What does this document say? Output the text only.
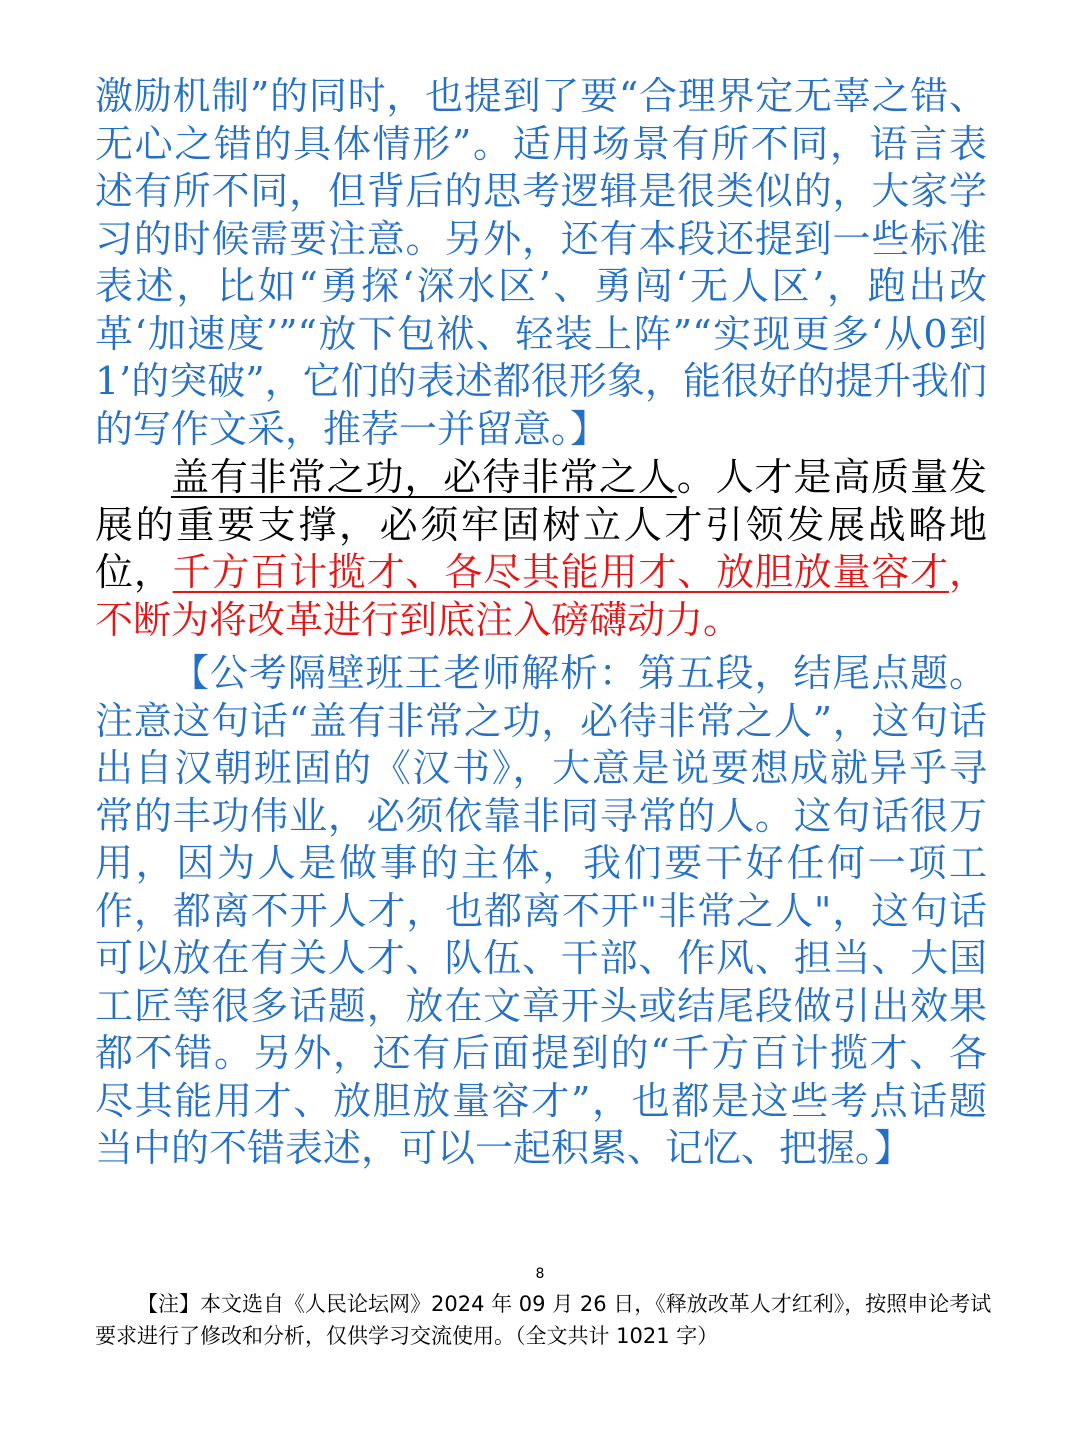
激励机制”的同时，也提到了要“合理界定无辜之错、无心之错的具体情形”。适用场景有所不同，语言表述有所不同，但背后的思考逻辑是很类似的，大家学习的时候需要注意。另外，还有本段还提到一些标准表述，比如“勇探‘深水区’、勇闯‘无人区’，跑出改革‘加速度’”“放下包袱、轻装上阵”“实现更多‘从0到1’的突破”，它们的表述都很形象，能很好的提升我们的写作文采，推荐一并留意。】

盖有非常之功，必待非常之人。人才是高质量发展的重要支撑，必须牢固树立人才引领发展战略地位，千方百计揽才、各尽其能用才、放胆放量容才，不断为将改革进行到底注入磅礴动力。

【公考隔壁班王老师解析：第五段，结尾点题。注意这句话“盖有非常之功，必待非常之人”，这句话出自汉朝班固的《汉书》，大意是说要想成就异乎寻常的丰功伟业，必须依靠非同寻常的人。这句话很万用，因为人是做事的主体，我们要干好任何一项工作，都离不开人才，也都离不开"非常之人"，这句话可以放在有关人才、队伍、干部、作风、担当、大国工匠等很多话题，放在文章开头或结尾段做引出效果都不错。另外，还有后面提到的“千方百计揽才、各尽其能用才、放胆放量容才”，也都是这些考点话题当中的不错表述，可以一起积累、记忆、把握。】

8

【注】本文选自《人民论坛网》2024 年 09 月 26 日，《释放改革人才红利》，按照申论考试要求进行了修改和分析，仅供学习交流使用。（全文共计 1021 字）
